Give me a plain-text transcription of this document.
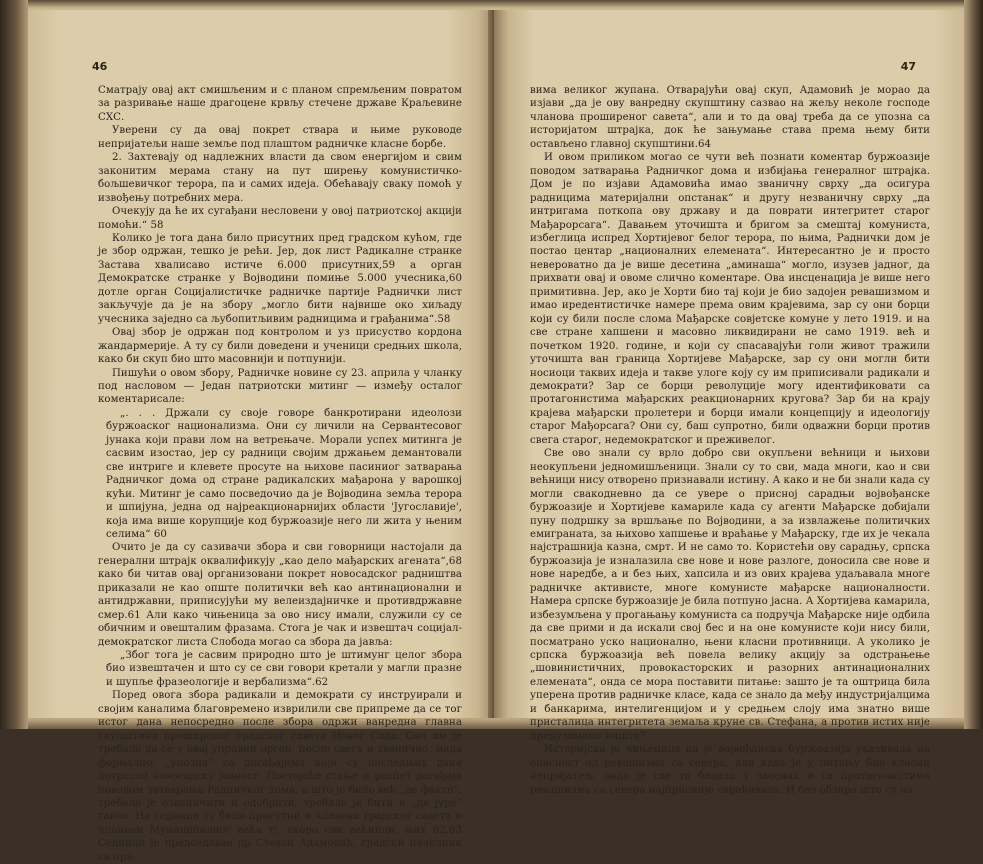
46

Сматрају овај акт смишљеним и с планом спремљеним повратом за разривање наше драгоцене крвљу стечене државе Краљевине СХС.

Уверени су да овај покрет ствара и њиме руководе непријатељи наше земље под плаштом радничке класне борбе.

2. Захтевају од надлежних власти да свом енергијом и свим законитим мерама стану на пут ширењу комунистичко-бољшевичког терора, па и самих идеја. Обећавају сваку помоћ у извођењу потребних мера.

Очекују да ће их сугађани несловени у овој патриотској акцији помоћи.“ 58

Колико је тога дана било присутних пред градском кућом, где је збор одржан, тешко је рећи. Јер, док лист Радикалне странке Застава хвалисаво истиче 6.000 присутних,59 а орган Демократске странке у Војводини помиње 5.000 учесника,60 дотле орган Социјалистичке радничке партије Раднички лист закључује да је на збору „могло бити највише око хиљаду учесника заједно са љубопитљивим радницима и грађанима“.58

Овај збор је одржан под контролом и уз присуство кордона жандармерије. А ту су били доведени и ученици средњих школа, како би скуп био што масовнији и потпунији.

Пишући о овом збору, Радничке новине су 23. априла у чланку под насловом — Један патриотски митинг — између осталог коментарисале:

„. . . Држали су своје говоре банкротирани идеолози буржоаског национализма. Они су личили на Сервантесовог јунака који прави лом на ветрењаче. Морали успех митинга је сасвим изостао, јер су радници својим држањем демантовали све интриге и клевете просуте на њихове пасиниог затварања Радничког дома од стране радикалских мађарона у варошкој кући. Митинг је само посведочио да је Војводина земља терора и шпијуна, једна од најреакционарнијих области 'Југославије', која има више корупције код буржоазије него ли жита у њеним селима“ 60

Очито је да су сазивачи збора и сви говорници настојали да генерални штрајк оквалификују „као дело мађарских агената“,68 како би читав овај организовани покрет новосадског радништва приказали не као опште политички већ као антинационални и антидржавни, приписујући му велеиздајничке и противдржавне смер.61 Али како чињеница за ово нису имали, служили су се обичним и овешталим фразама. Стога је чак и извештач социјал-демократског листа Слобода могао са збора да јавља:

„Због тога је сасвим природно што је штимунг целог збора био извештачен и што су се сви говори кретали у магли празне и шупље фразеологије и вербализма“.62

Поред овога збора радикали и демократи су инструирали и својим каналима благовремено изврилили све припреме да се тог истог дана непосредно после збора одржи ванредна главна скупштина проширеног градског савета Новог Сада. Ово им је требало да се у овај управни орган, после свега и званично, мада формално, „упозна“ са догађајима који су последњих дана потресли новосадску јавност. Постојеће стање и распет догађаја поводом затварања Радничког дома, а што је било већ „де факто“, требало је озваничити и одобрити, требало је бити и „де јуре“ такво. На седници су били присутни и чланови градског савета и чланови Муниципалног већа тј. скоро сви већници, њих 62.63 Седници је председавао др Стеван Адамовић, градски начелник са пра-

47

вима великог жупана. Отварајући овај скуп, Адамовић је морао да изјави „да је ову ванредну скупштину сазвао на жељу неколе господе чланова проширеног савета“, али и то да овај треба да се упозна са историјатом штрајка, док ће зањумање става према њему бити остављено главној скупштини.64

И овом приликом могао се чути већ познати коментар буржоазије поводом затварања Радничког дома и избијања генералног штрајка. Дом је по изјави Адамовића имао званичну сврху „да осигура радницима материјални опстанак“ и другу незваничну сврху „да интригама поткопа ову државу и да поврати интегритет старог Мађарорсага“. Давањем уточишта и бригом за смештај комуниста, избеглица испред Хортијевог белог терора, по њима, Раднички дом је постао центар „националних елемената“. Интересантно је и просто невероватно да је више десетина „аминаша“ могло, изузев јадног, да прихвати овај и овоме слично коментаре. Ова инсценација је више него примитивна. Јер, ако је Хорти био тај који је био задојен ревашизмом и имао иредентистичке намере према овим крајевима, зар су они борци који су били после слома Мађарске совјетске комуне у лето 1919. и на све стране хапшени и масовно ликвидирани не само 1919. већ и почетком 1920. године, и који су спасавајући голи живот тражили уточишта ван граница Хортијеве Мађарске, зар су они могли бити носиоци таквих идеја и такве улоге коју су им приписивали радикали и демократи? Зар се борци револуције могу идентификовати са протагонистима мађарских реакционарних кругова? Зар би на крају крајева мађарски пролетери и борци имали концепцију и идеологију старог Мађорсага? Они су, баш супротно, били одважни борци против свега старог, недемократског и преживелог.

Све ово знали су врло добро сви окупљени већници и њихови неокупљени једномишљеници. Знали су то сви, мада многи, као и сви већници нису отворено признавали истину. А како и не би знали када су могли свакодневно да се увере о присној сарадњи војвођанске буржоазије и Хортијеве камариле када су агенти Мађарске добијали пуну подршку за вршљање по Војводини, а за извлажење политичких емиграната, за њихово хапшење и враћање у Мађарску, где их је чекала најстрашнија казна, смрт. И не само то. Користећи ову сарадњу, српска буржоазија је изналазила све нове и нове разлоге, доносила све нове и нове наредбе, а и без њих, хапсила и из ових крајева удаљавала многе радничке активисте, многе комунисте мађарске националности. Намера српске буржоазије је била потпуно јасна. А Хортијева камарила, избезумљена у прогањању комуниста са подручја Мађарске није одбила да све прими и да искали свој бес и на оне комунисте који нису били, посматрано уско национално, њени класни противници. А уколико је српска буржоазија већ повела велику акцију за одстрањење „шовинистичних, провокасторских и разорних антинационалних елемената“, онда се мора поставити питање: зашто је та оштрица била уперена против радничке класе, када се знало да међу индустријалцима и банкарима, интелигенцијом и у средњем слоју има знатно више присталица интегритета земаља круне св. Стефана, а против истих није предузимано ништа?

Историјска је чињеница да је војвођанска буржоазија указивала на опасност од ревашизма са севера, али када је у питању био класни непријатељ, онда је све то бацала у засенак и са протагонистима ревашизма са севера најприсније сарађивала. И без обзира што су на
